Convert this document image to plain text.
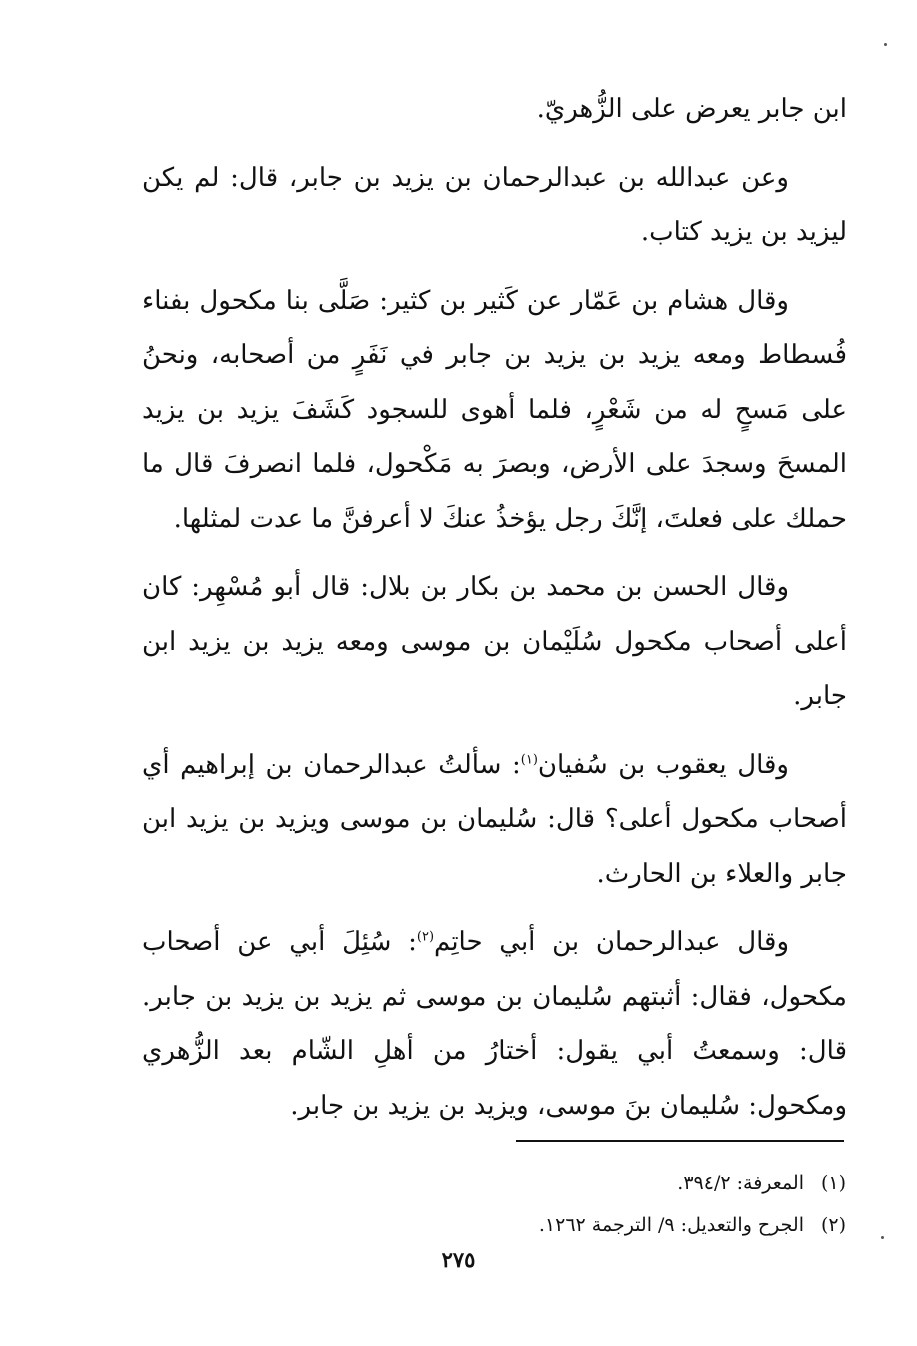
ابن جابر يعرض على الزُّهريّ.

وعن عبدالله بن عبدالرحمان بن يزيد بن جابر، قال: لم يكن ليزيد بن يزيد كتاب.

وقال هشام بن عَمّار عن كَثير بن كثير: صَلَّى بنا مكحول بفناء فُسطاط ومعه يزيد بن يزيد بن جابر في نَفَرٍ من أصحابه، ونحنُ على مَسحٍ له من شَعْرٍ، فلما أهوى للسجود كَشَفَ يزيد بن يزيد المسحَ وسجدَ على الأرض، وبصرَ به مَكْحول، فلما انصرفَ قال ما حملك على فعلتَ، إنَّكَ رجل يؤخذُ عنكَ لا أعرفنَّ ما عدت لمثلها.

وقال الحسن بن محمد بن بكار بن بلال: قال أبو مُسْهِر: كان أعلى أصحاب مكحول سُلَيْمان بن موسى ومعه يزيد بن يزيد ابن جابر.

وقال يعقوب بن سُفيان$^{(١)}$: سألتُ عبدالرحمان بن إبراهيم أي أصحاب مكحول أعلى؟ قال: سُليمان بن موسى ويزيد بن يزيد ابن جابر والعلاء بن الحارث.

وقال عبدالرحمان بن أبي حاتِم$^{(٢)}$: سُئِلَ أبي عن أصحاب مكحول، فقال: أثبتهم سُليمان بن موسى ثم يزيد بن يزيد بن جابر. قال: وسمعتُ أبي يقول: أختارُ من أهلِ الشّام بعد الزُّهري ومكحول: سُليمان بنَ موسى، ويزيد بن يزيد بن جابر.

(١)المعرفة: ٣٩٤/٢.
(٢)الجرح والتعديل: ٩/ الترجمة ١٢٦٢.
٢٧٥
